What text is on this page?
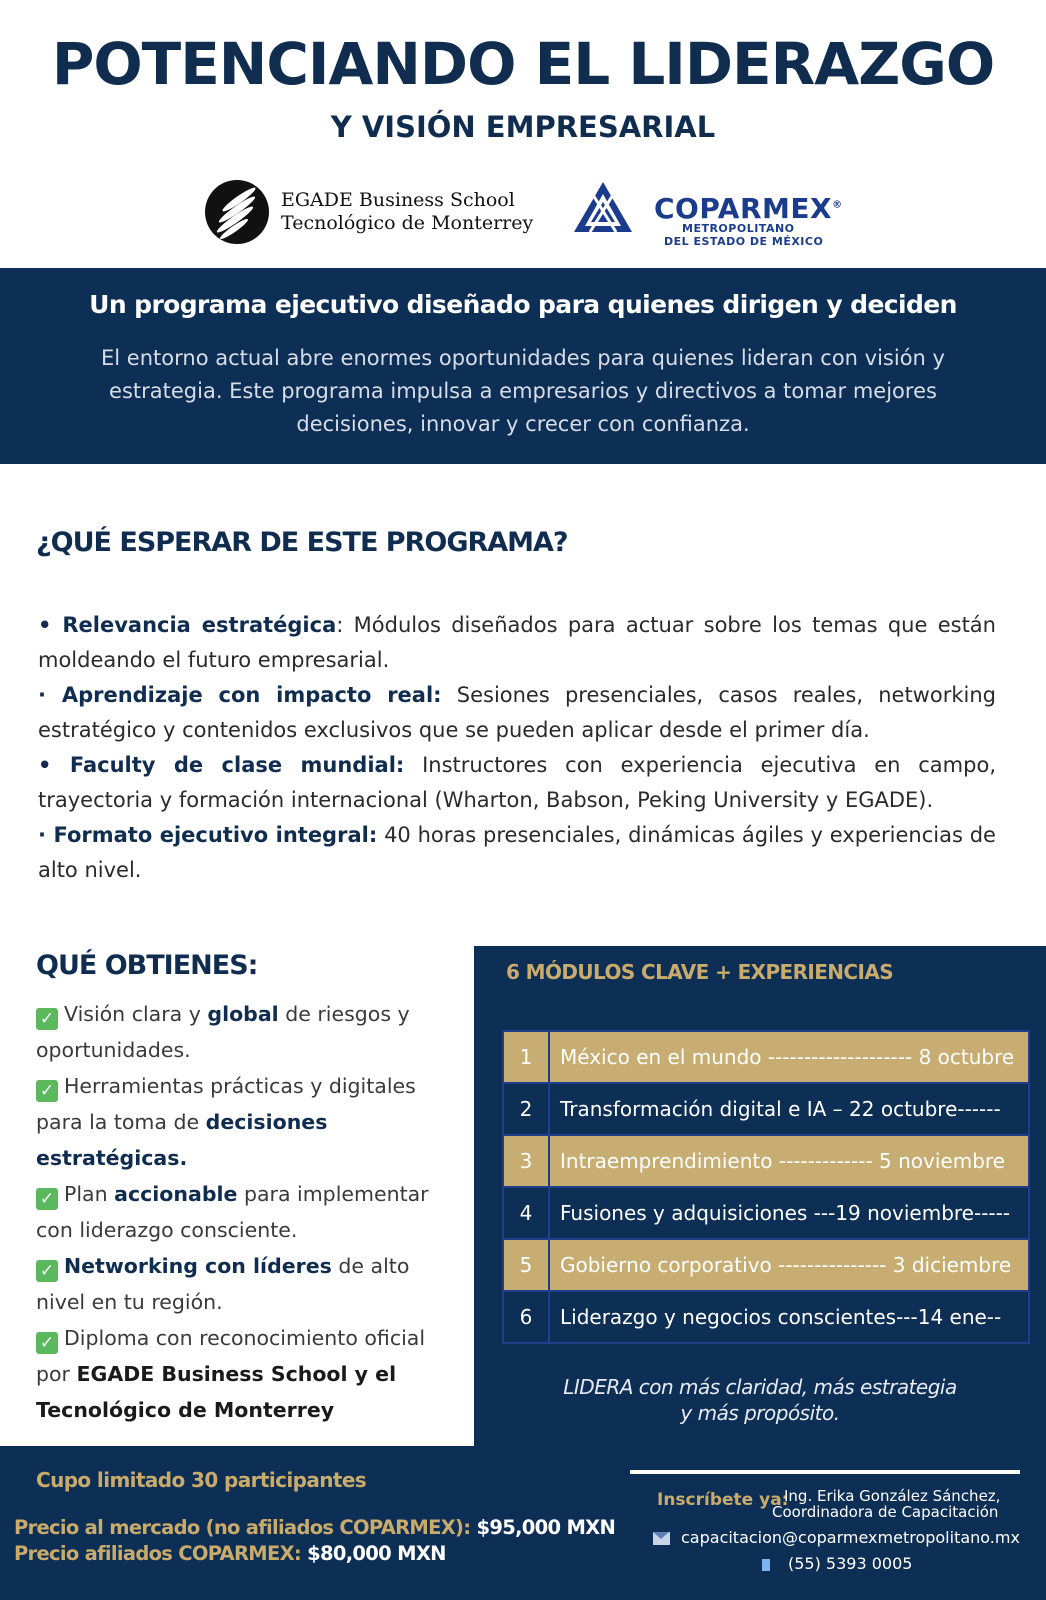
POTENCIANDO EL LIDERAZGO
Y VISIÓN EMPRESARIAL
EGADE Business School
Tecnológico de Monterrey	COPARMEX®
METROPOLITANO
DEL ESTADO DE MÉXICO
Un programa ejecutivo diseñado para quienes dirigen y deciden
El entorno actual abre enormes oportunidades para quienes lideran con visión y estrategia. Este programa impulsa a empresarios y directivos a tomar mejores decisiones, innovar y crecer con confianza.
¿QUÉ ESPERAR DE ESTE PROGRAMA?
• Relevancia estratégica: Módulos diseñados para actuar sobre los temas que están moldeando el futuro empresarial.
· Aprendizaje con impacto real: Sesiones presenciales, casos reales, networking estratégico y contenidos exclusivos que se pueden aplicar desde el primer día.
• Faculty de clase mundial: Instructores con experiencia ejecutiva en campo, trayectoria y formación internacional (Wharton, Babson, Peking University y EGADE).
· Formato ejecutivo integral: 40 horas presenciales, dinámicas ágiles y experiencias de alto nivel.
QUÉ OBTIENES:
✓ Visión clara y global de riesgos y oportunidades.
✓ Herramientas prácticas y digitales para la toma de decisiones estratégicas.
✓ Plan accionable para implementar con liderazgo consciente.
✓ Networking con líderes de alto nivel en tu región.
✓ Diploma con reconocimiento oficial por EGADE Business School y el Tecnológico de Monterrey
6 MÓDULOS CLAVE + EXPERIENCIAS
1	México en el mundo -------------------- 8 octubre
2	Transformación digital e IA – 22 octubre------
3	Intraemprendimiento ------------- 5 noviembre
4	Fusiones y adquisiciones ---19 noviembre-----
5	Gobierno corporativo --------------- 3 diciembre
6	Liderazgo y negocios conscientes---14 ene--
LIDERA con más claridad, más estrategia
y más propósito.
Cupo limitado 30 participantes
Precio al mercado (no afiliados COPARMEX): $95,000 MXN
Precio afiliados COPARMEX: $80,000 MXN
Inscríbete ya:
Ing. Erika González Sánchez,
Coordinadora de Capacitación
capacitacion@coparmexmetropolitano.mx
(55) 5393 0005
